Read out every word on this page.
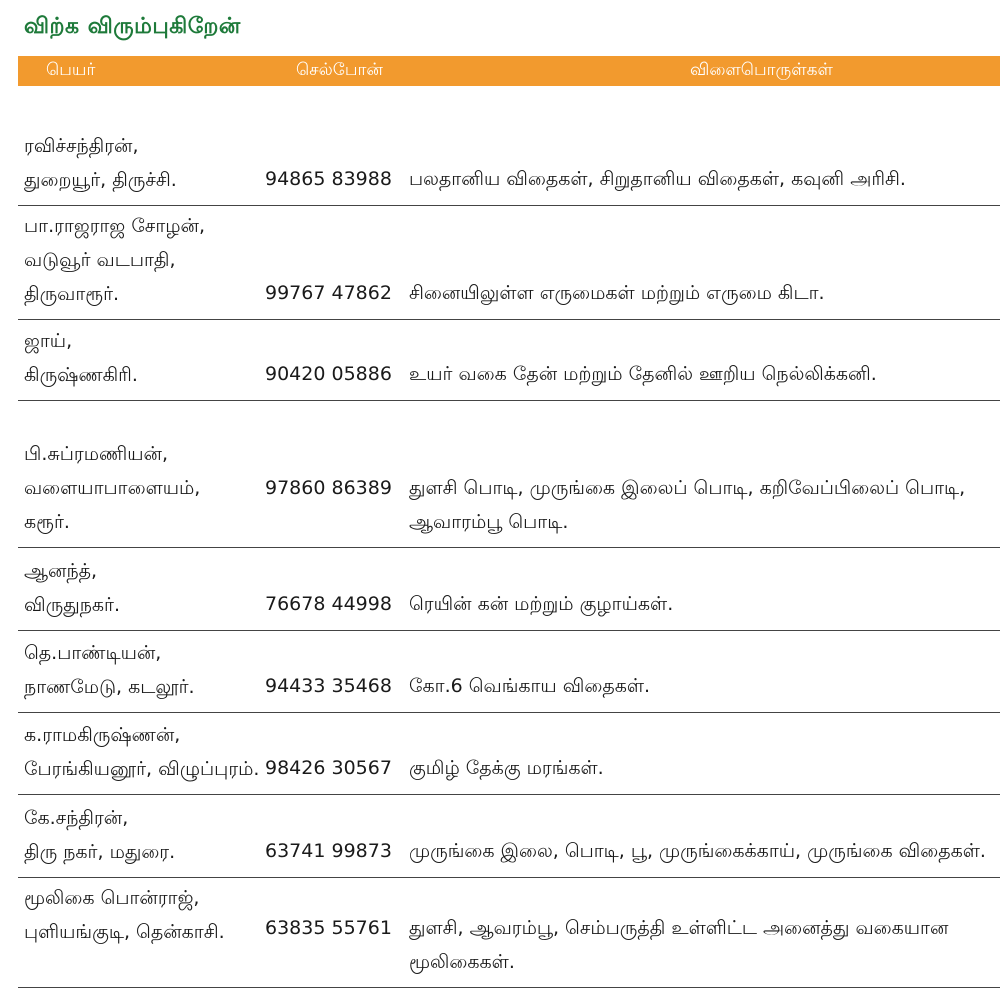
விற்க விரும்புகிறேன்
பெயர்	செல்போன்	விளைபொருள்கள்
ரவிச்சந்திரன்,
துறையூர், திருச்சி.	94865 83988 பலதானிய விதைகள், சிறுதானிய விதைகள், கவுனி அரிசி.
பா.ராஜராஜ சோழன்,
வடுவூர் வடபாதி,
திருவாரூர்.	99767 47862 சினையிலுள்ள எருமைகள் மற்றும் எருமை கிடா.
ஜாய்,
கிருஷ்ணகிரி.	90420 05886 உயர் வகை தேன் மற்றும் தேனில் ஊறிய நெல்லிக்கனி.
பி.சுப்ரமணியன்,
வளையாபாளையம்,
கரூர்.
97860 86389 துளசி பொடி, முருங்கை இலைப் பொடி, கறிவேப்பிலைப் பொடி, ஆவாரம்பூ பொடி.
ஆனந்த்,
விருதுநகர்.	76678 44998 ரெயின் கன் மற்றும் குழாய்கள்.
தெ.பாண்டியன்,
நாணமேடு, கடலூர்.	94433 35468 கோ.6 வெங்காய விதைகள்.
க.ராமகிருஷ்ணன்,
பேரங்கியனூர், விழுப்புரம். 98426 30567 குமிழ் தேக்கு மரங்கள்.
கே.சந்திரன்,
திரு நகர், மதுரை.	63741 99873 முருங்கை இலை, பொடி, பூ, முருங்கைக்காய், முருங்கை விதைகள்.
மூலிகை பொன்ராஜ்,
புளியங்குடி, தென்காசி. 63835 55761 துளசி, ஆவரம்பூ, செம்பருத்தி உள்ளிட்ட அனைத்து வகையான மூலிகைகள்.
